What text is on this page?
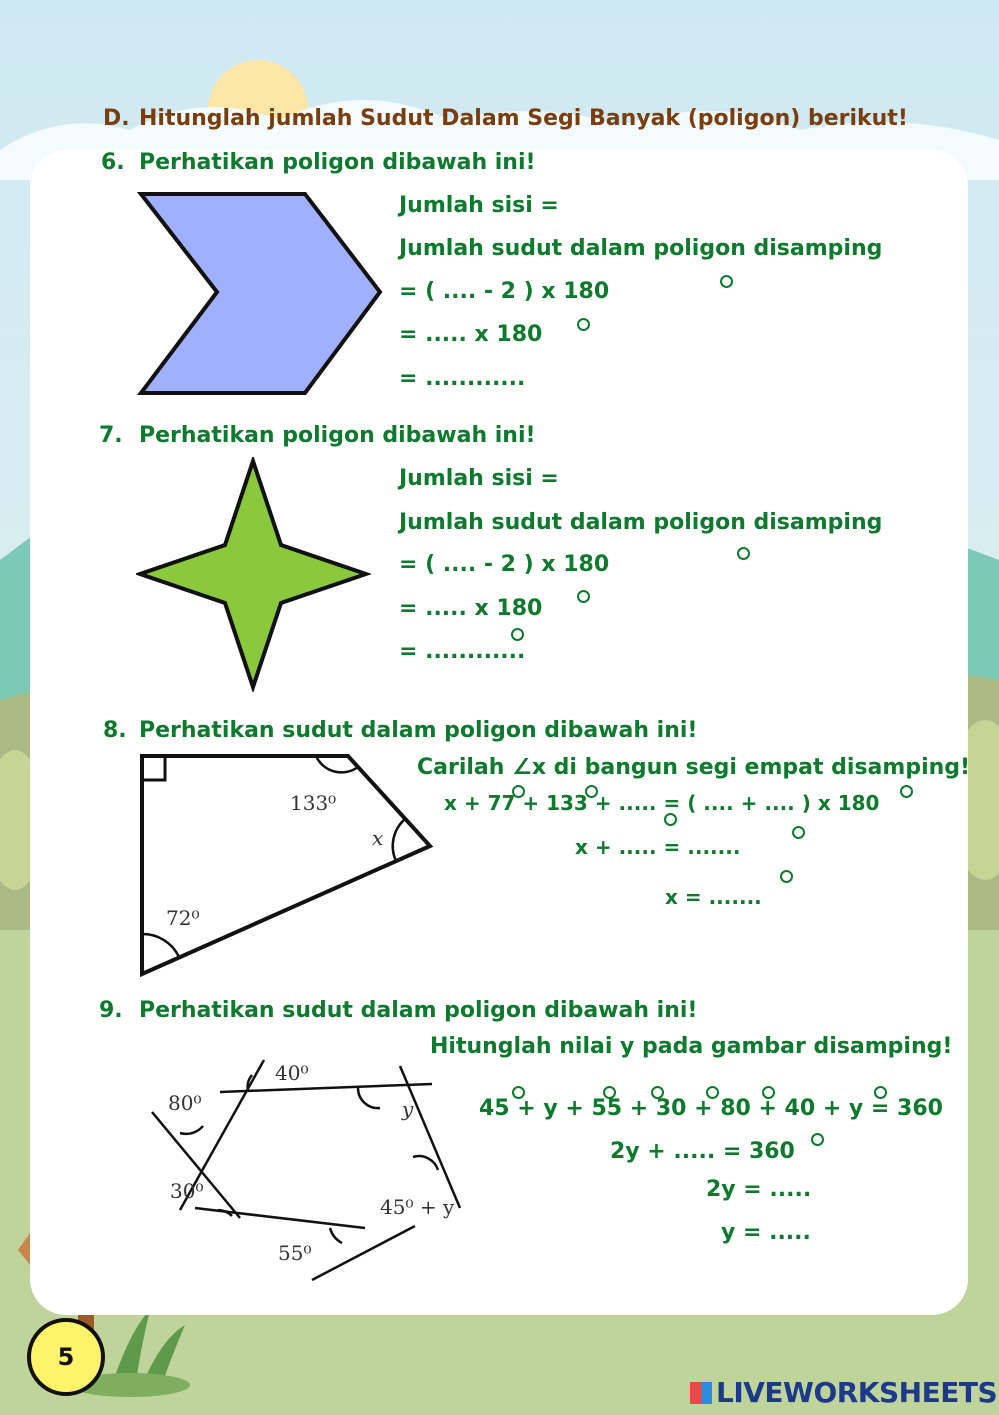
D. Hitunglah jumlah Sudut Dalam Segi Banyak (poligon) berikut!
6. Perhatikan poligon dibawah ini!
Jumlah sisi =
Jumlah sudut dalam poligon disamping
= ( .... - 2 ) x 180
= ..... x 180
= ............
7. Perhatikan poligon dibawah ini!
Jumlah sisi =
Jumlah sudut dalam poligon disamping
= ( .... - 2 ) x 180
= ..... x 180
= ............
8. Perhatikan sudut dalam poligon dibawah ini!
133⁰
x
72⁰
Carilah ∠x di bangun segi empat disamping!
x + 77 + 133 + ..... = ( .... + .... ) x 180
x + ..... = .......
x = .......
9. Perhatikan sudut dalam poligon dibawah ini!
Hitunglah nilai y pada gambar disamping!
40⁰
80⁰	y
30⁰
45⁰ + y
55⁰
45 + y + 55 + 30 + 80 + 40 + y = 360
2y + ..... = 360
2y = .....
y = .....
5
LIVEWORKSHEETS
